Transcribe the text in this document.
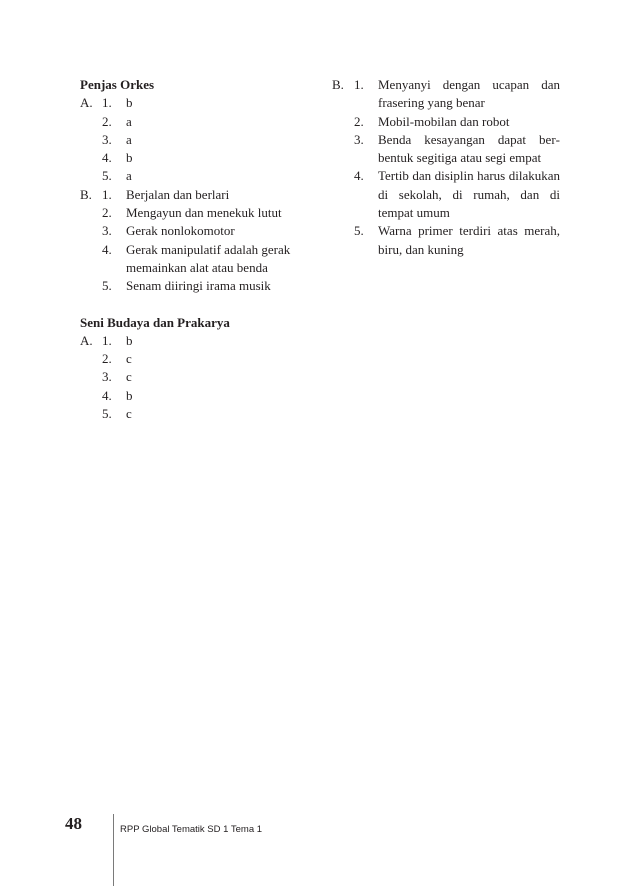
Penjas Orkes
A. 1.	b
2.	a
3.	a
4.	b
5.	a
B. 1.	Berjalan dan berlari
2.	Mengayun dan menekuk lutut
3.	Gerak nonlokomotor
4.	Gerak manipulatif adalah gerak memainkan alat atau benda
5.	Senam diiringi irama musik
Seni Budaya dan Prakarya
A. 1.	b
2.	c
3.	c
4.	b
5.	c
B. 1.	Menyanyi dengan ucapan dan frasering yang benar
2.	Mobil-mobilan dan robot
3.	Benda kesayangan dapat berbentuk segitiga atau segi empat
4.	Tertib dan disiplin harus dilakukan di sekolah, di rumah, dan di tempat umum
5.	Warna primer terdiri atas merah, biru, dan kuning
48	RPP Global Tematik SD 1 Tema 1
